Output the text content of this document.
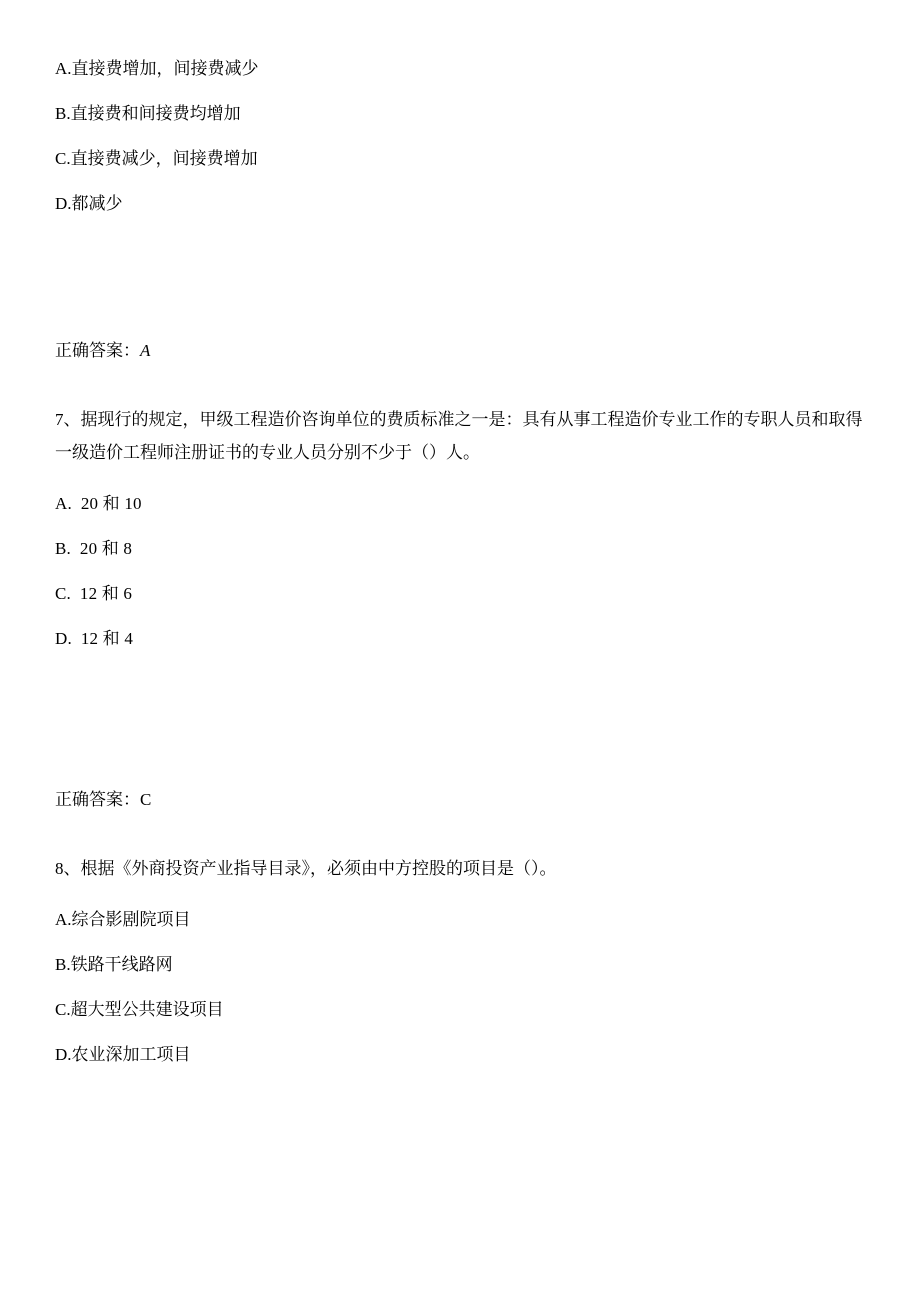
A.直接费增加，间接费减少

B.直接费和间接费均增加

C.直接费减少，间接费增加

D.都减少

正确答案：A

7、据现行的规定，甲级工程造价咨询单位的费质标准之一是：具有从事工程造价专业工作的专职人员和取得

一级造价工程师注册证书的专业人员分别不少于（）人。

A.  20 和 10

B.  20 和 8

C.  12 和 6

D.  12 和 4

正确答案：C

8、根据《外商投资产业指导目录》，必须由中方控股的项目是（）。

A.综合影剧院项目

B.铁路干线路网

C.超大型公共建设项目

D.农业深加工项目
